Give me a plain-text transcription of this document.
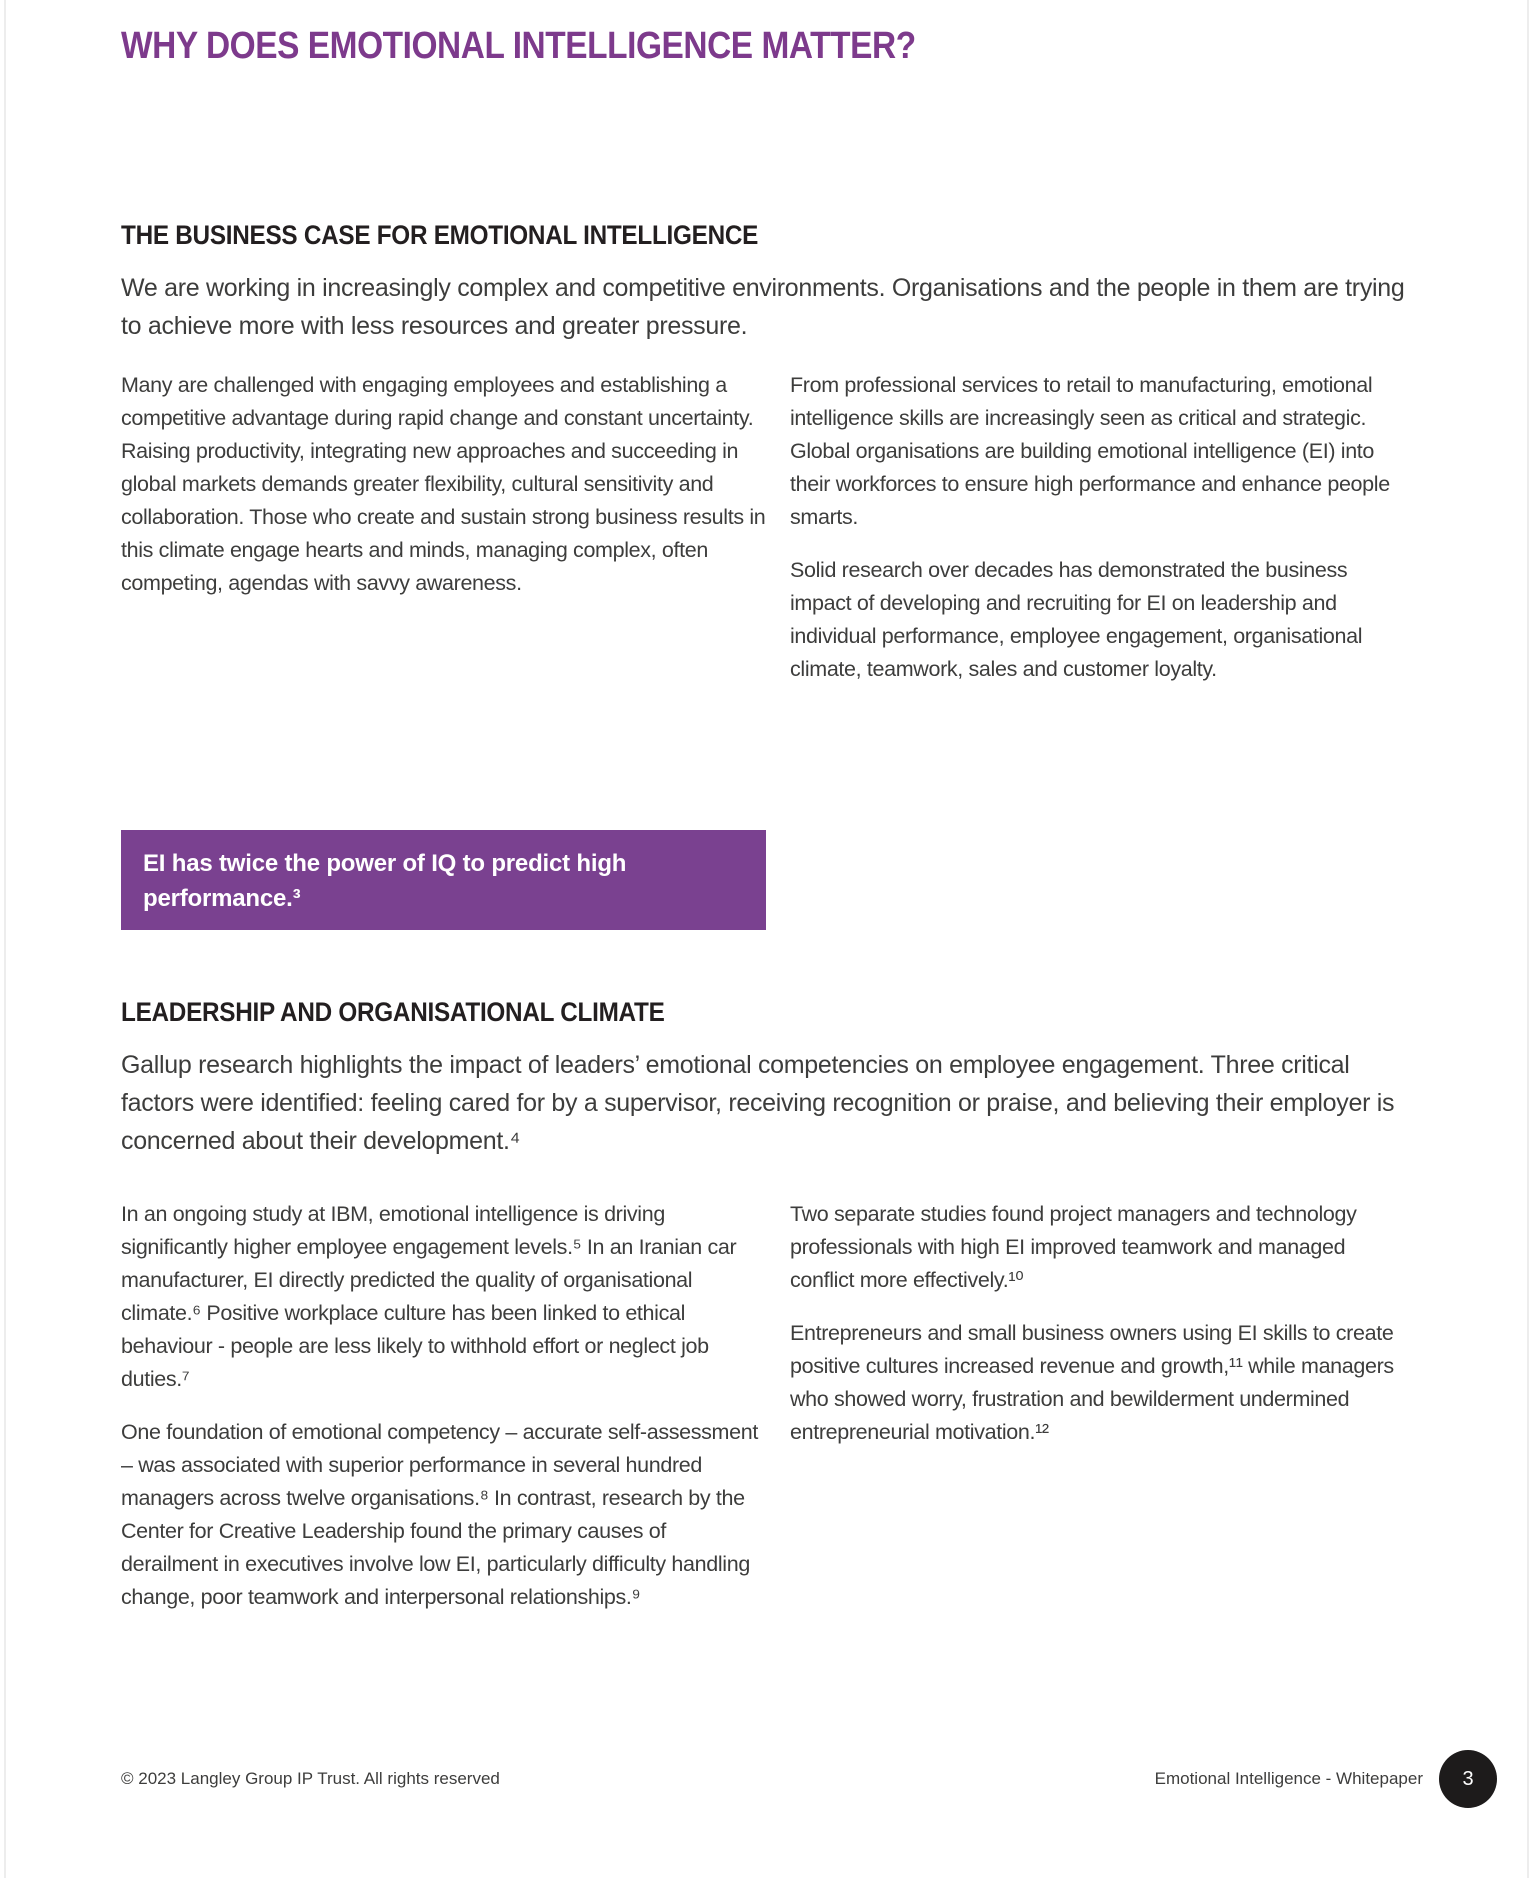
WHY DOES EMOTIONAL INTELLIGENCE MATTER?
THE BUSINESS CASE FOR EMOTIONAL INTELLIGENCE

We are working in increasingly complex and competitive environments. Organisations and the people in them are trying to achieve more with less resources and greater pressure.

Many are challenged with engaging employees and establishing a competitive advantage during rapid change and constant uncertainty. Raising productivity, integrating new approaches and succeeding in global markets demands greater flexibility, cultural sensitivity and collaboration. Those who create and sustain strong business results in this climate engage hearts and minds, managing complex, often competing, agendas with savvy awareness.

From professional services to retail to manufacturing, emotional intelligence skills are increasingly seen as critical and strategic. Global organisations are building emotional intelligence (EI) into their workforces to ensure high performance and enhance people smarts.

Solid research over decades has demonstrated the business impact of developing and recruiting for EI on leadership and individual performance, employee engagement, organisational climate, teamwork, sales and customer loyalty.

EI has twice the power of IQ to predict high performance.³

LEADERSHIP AND ORGANISATIONAL CLIMATE

Gallup research highlights the impact of leaders’ emotional competencies on employee engagement. Three critical factors were identified: feeling cared for by a supervisor, receiving recognition or praise, and believing their employer is concerned about their development.⁴

In an ongoing study at IBM, emotional intelligence is driving significantly higher employee engagement levels.⁵ In an Iranian car manufacturer, EI directly predicted the quality of organisational climate.⁶ Positive workplace culture has been linked to ethical behaviour - people are less likely to withhold effort or neglect job duties.⁷

One foundation of emotional competency – accurate self-assessment – was associated with superior performance in several hundred managers across twelve organisations.⁸ In contrast, research by the Center for Creative Leadership found the primary causes of derailment in executives involve low EI, particularly difficulty handling change, poor teamwork and interpersonal relationships.⁹

Two separate studies found project managers and technology professionals with high EI improved teamwork and managed conflict more effectively.¹⁰

Entrepreneurs and small business owners using EI skills to create positive cultures increased revenue and growth,¹¹ while managers who showed worry, frustration and bewilderment undermined entrepreneurial motivation.¹²

© 2023 Langley Group IP Trust. All rights reserved	Emotional Intelligence - Whitepaper 3
